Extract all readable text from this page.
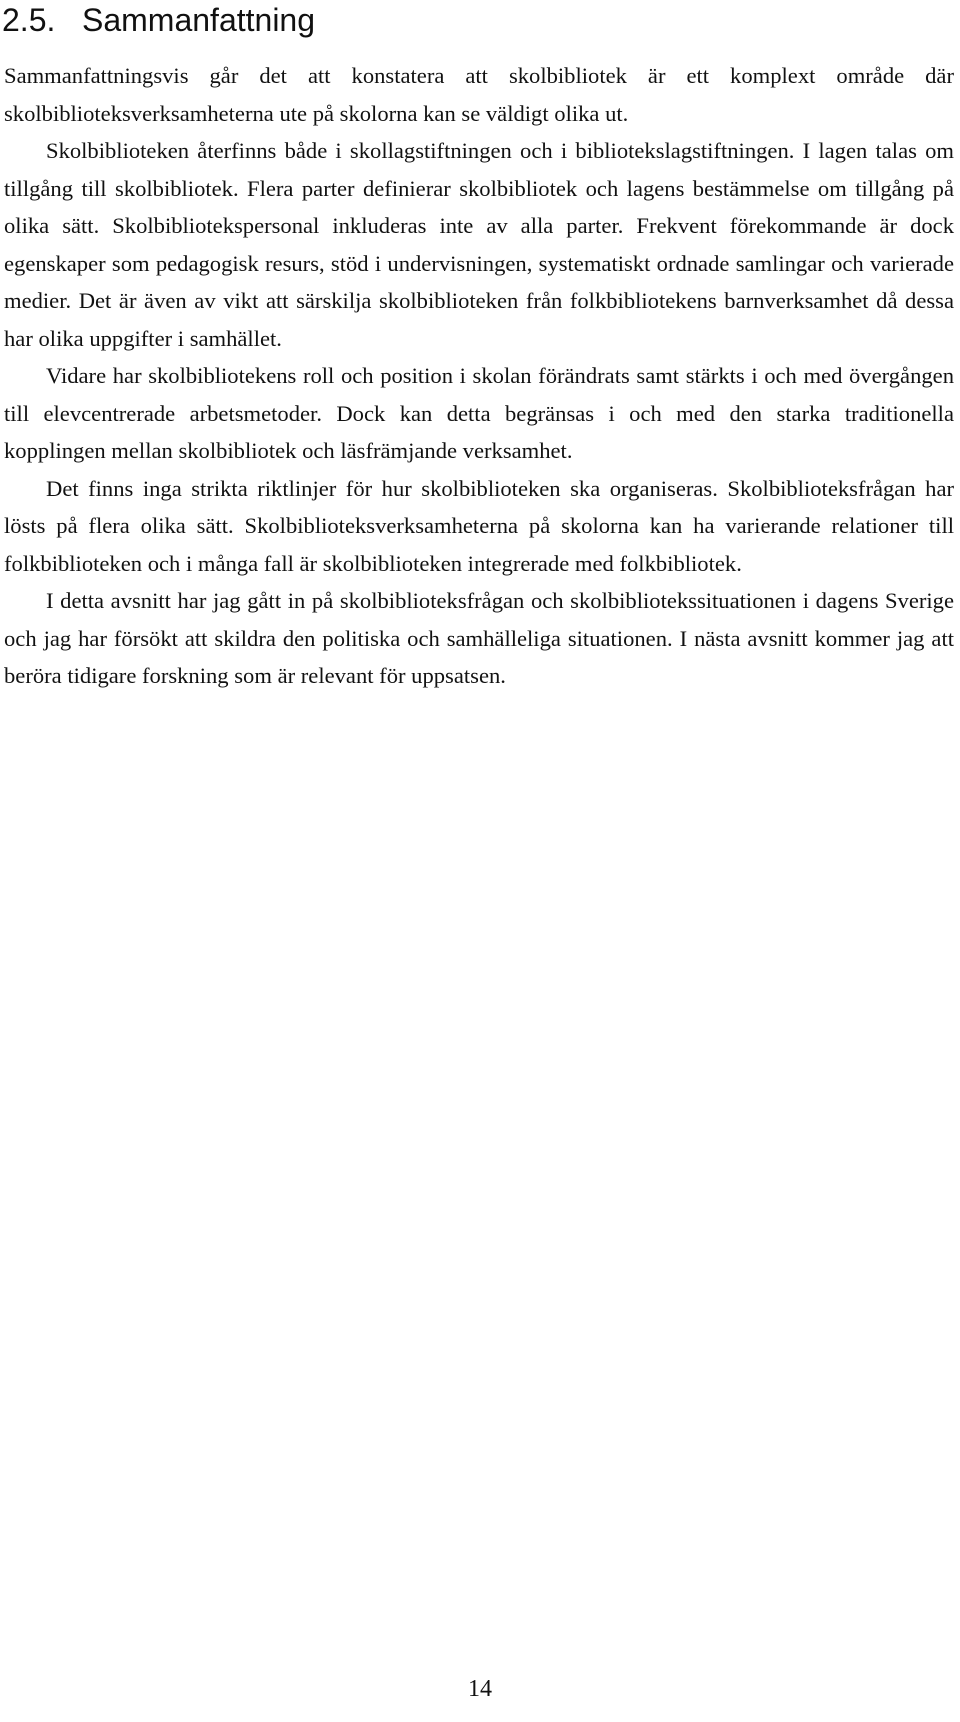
2.5. Sammanfattning

Sammanfattningsvis går det att konstatera att skolbibliotek är ett komplext område där skolbiblioteksverksamheterna ute på skolorna kan se väldigt olika ut.

Skolbiblioteken återfinns både i skollagstiftningen och i bibliotekslagstiftningen. I lagen talas om tillgång till skolbibliotek. Flera parter definierar skolbibliotek och lagens bestämmelse om tillgång på olika sätt. Skolbibliotekspersonal inkluderas inte av alla parter. Frekvent förekommande är dock egenskaper som pedagogisk resurs, stöd i undervisningen, systematiskt ordnade samlingar och varierade medier. Det är även av vikt att särskilja skolbiblioteken från folkbibliotekens barnverksamhet då dessa har olika uppgifter i samhället.

Vidare har skolbibliotekens roll och position i skolan förändrats samt stärkts i och med övergången till elevcentrerade arbetsmetoder. Dock kan detta begränsas i och med den starka traditionella kopplingen mellan skolbibliotek och läsfrämjande verksamhet.

Det finns inga strikta riktlinjer för hur skolbiblioteken ska organiseras. Skolbiblioteksfrågan har lösts på flera olika sätt. Skolbiblioteksverksamheterna på skolorna kan ha varierande relationer till folkbiblioteken och i många fall är skolbiblioteken integrerade med folkbibliotek.

I detta avsnitt har jag gått in på skolbiblioteksfrågan och skolbibliotekssituationen i dagens Sverige och jag har försökt att skildra den politiska och samhälleliga situationen. I nästa avsnitt kommer jag att beröra tidigare forskning som är relevant för uppsatsen.

14
